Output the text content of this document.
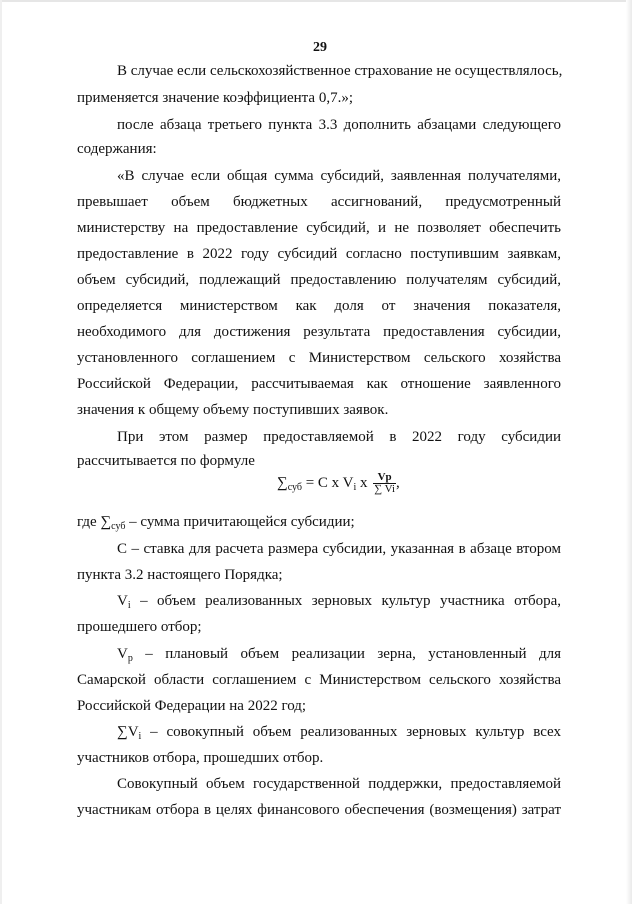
29
В случае если сельскохозяйственное страхование не осуществлялось,
применяется значение коэффициента 0,7.»;
после абзаца третьего пункта 3.3 дополнить абзацами следующего
содержания:
«В случае если общая сумма субсидий, заявленная получателями,
превышает объем бюджетных ассигнований, предусмотренный
министерству на предоставление субсидий, и не позволяет обеспечить
предоставление в 2022 году субсидий согласно поступившим заявкам,
объем субсидий, подлежащий предоставлению получателям субсидий,
определяется министерством как доля от значения показателя,
необходимого для достижения результата предоставления субсидии,
установленного соглашением с Министерством сельского хозяйства
Российской Федерации, рассчитываемая как отношение заявленного
значения к общему объему поступивших заявок.
При этом размер предоставляемой в 2022 году субсидии
рассчитывается по формуле
$\sum_{суб} = C$ x $V_i$ x $\frac{Vp}{\sum Vi}$ ,
где $\sum_{суб}$ – сумма причитающейся субсидии;
C – ставка для расчета размера субсидии, указанная в абзаце втором
пункта 3.2 настоящего Порядка;
$V_i$ – объем реализованных зерновых культур участника отбора,
прошедшего отбор;
$V_p$ – плановый объем реализации зерна, установленный для
Самарской области соглашением с Министерством сельского хозяйства
Российской Федерации на 2022 год;
$\sum V_i$ – совокупный объем реализованных зерновых культур всех
участников отбора, прошедших отбор.
Совокупный объем государственной поддержки, предоставляемой
участникам отбора в целях финансового обеспечения (возмещения) затрат
